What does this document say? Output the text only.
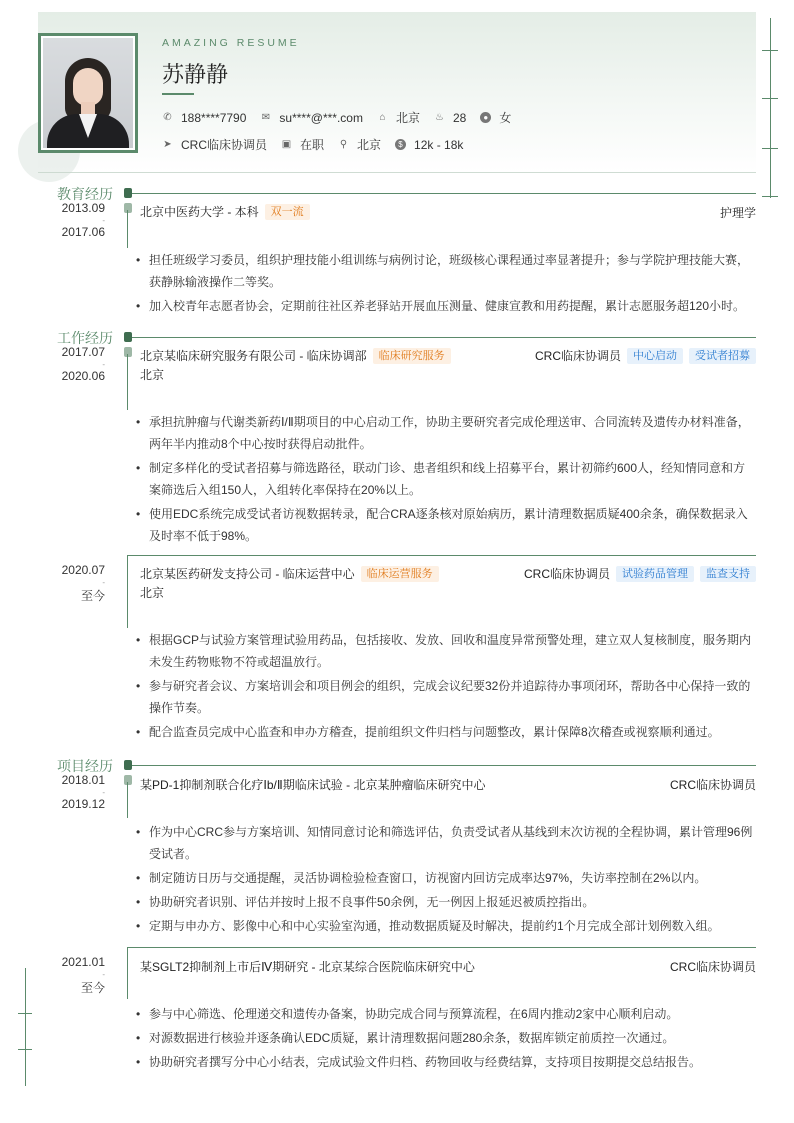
AMAZING RESUME
苏静静
✆ 188****7790 ✉ su****@***.com ⌂ 北京 ♨ 28	● 女
➤ CRC临床协调员 ▣ 在职 ⚲ 北京	$ 12k - 18k
教育经历
2013.09
-
2017.06
北京中医药大学 - 本科	双一流	护理学
• 担任班级学习委员，组织护理技能小组训练与病例讨论，班级核心课程通过率显著提升；参与学院护理技能大赛，获静脉输液操作二等奖。
• 加入校青年志愿者协会，定期前往社区养老驿站开展血压测量、健康宣教和用药提醒，累计志愿服务超120小时。
工作经历
2017.07
-
2020.06
北京某临床研究服务有限公司 - 临床协调部	临床研究服务
北京
CRC临床协调员	中心启动	受试者招募
• 承担抗肿瘤与代谢类新药Ⅰ/Ⅱ期项目的中心启动工作，协助主要研究者完成伦理送审、合同流转及遗传办材料准备，两年半内推动8个中心按时获得启动批件。
• 制定多样化的受试者招募与筛选路径，联动门诊、患者组织和线上招募平台，累计初筛约600人，经知情同意和方案筛选后入组150人，入组转化率保持在20%以上。
• 使用EDC系统完成受试者访视数据转录，配合CRA逐条核对原始病历，累计清理数据质疑400余条，确保数据录入及时率不低于98%。
2020.07
-
至今
北京某医药研发支持公司 - 临床运营中心	临床运营服务
北京
CRC临床协调员	试验药品管理	监查支持
• 根据GCP与试验方案管理试验用药品，包括接收、发放、回收和温度异常预警处理，建立双人复核制度，服务期内未发生药物账物不符或超温放行。
• 参与研究者会议、方案培训会和项目例会的组织，完成会议纪要32份并追踪待办事项闭环，帮助各中心保持一致的操作节奏。
• 配合监查员完成中心监查和申办方稽查，提前组织文件归档与问题整改，累计保障8次稽查或视察顺利通过。
项目经历
2018.01
-
2019.12
某PD-1抑制剂联合化疗Ⅰb/Ⅱ期临床试验 - 北京某肿瘤临床研究中心	CRC临床协调员
• 作为中心CRC参与方案培训、知情同意讨论和筛选评估，负责受试者从基线到末次访视的全程协调，累计管理96例受试者。
• 制定随访日历与交通提醒，灵活协调检验检查窗口，访视窗内回访完成率达97%，失访率控制在2%以内。
• 协助研究者识别、评估并按时上报不良事件50余例，无一例因上报延迟被质控指出。
• 定期与申办方、影像中心和中心实验室沟通，推动数据质疑及时解决，提前约1个月完成全部计划例数入组。
2021.01
-
至今
某SGLT2抑制剂上市后Ⅳ期研究 - 北京某综合医院临床研究中心	CRC临床协调员
• 参与中心筛选、伦理递交和遗传办备案，协助完成合同与预算流程，在6周内推动2家中心顺利启动。
• 对源数据进行核验并逐条确认EDC质疑，累计清理数据问题280余条，数据库锁定前质控一次通过。
• 协助研究者撰写分中心小结表，完成试验文件归档、药物回收与经费结算，支持项目按期提交总结报告。
